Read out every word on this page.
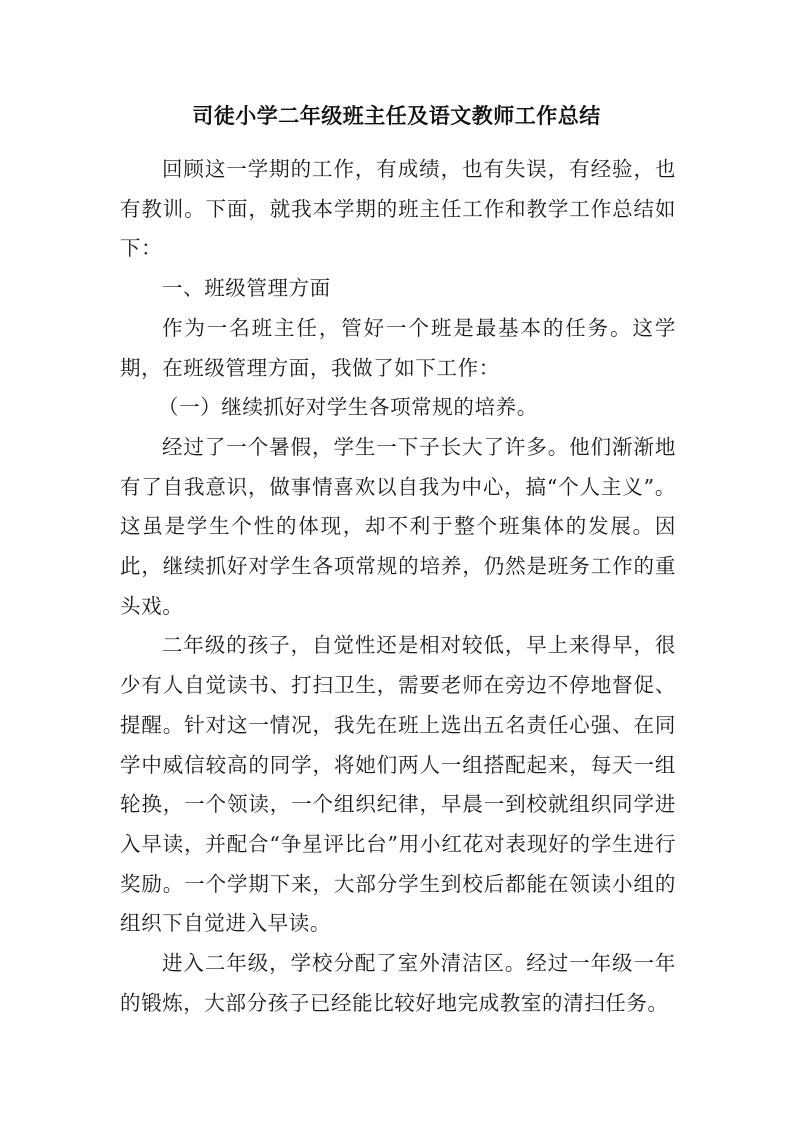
司徒小学二年级班主任及语文教师工作总结

回顾这一学期的工作，有成绩，也有失误，有经验，也有教训。下面，就我本学期的班主任工作和教学工作总结如下：

一、班级管理方面

作为一名班主任，管好一个班是最基本的任务。这学期，在班级管理方面，我做了如下工作：

（一）继续抓好对学生各项常规的培养。

经过了一个暑假，学生一下子长大了许多。他们渐渐地有了自我意识，做事情喜欢以自我为中心，搞“个人主义”。这虽是学生个性的体现，却不利于整个班集体的发展。因此，继续抓好对学生各项常规的培养，仍然是班务工作的重头戏。

二年级的孩子，自觉性还是相对较低，早上来得早，很少有人自觉读书、打扫卫生，需要老师在旁边不停地督促、提醒。针对这一情况，我先在班上选出五名责任心强、在同学中威信较高的同学，将她们两人一组搭配起来，每天一组轮换，一个领读，一个组织纪律，早晨一到校就组织同学进入早读，并配合“争星评比台”用小红花对表现好的学生进行奖励。一个学期下来，大部分学生到校后都能在领读小组的组织下自觉进入早读。

进入二年级，学校分配了室外清洁区。经过一年级一年的锻炼，大部分孩子已经能比较好地完成教室的清扫任务。
